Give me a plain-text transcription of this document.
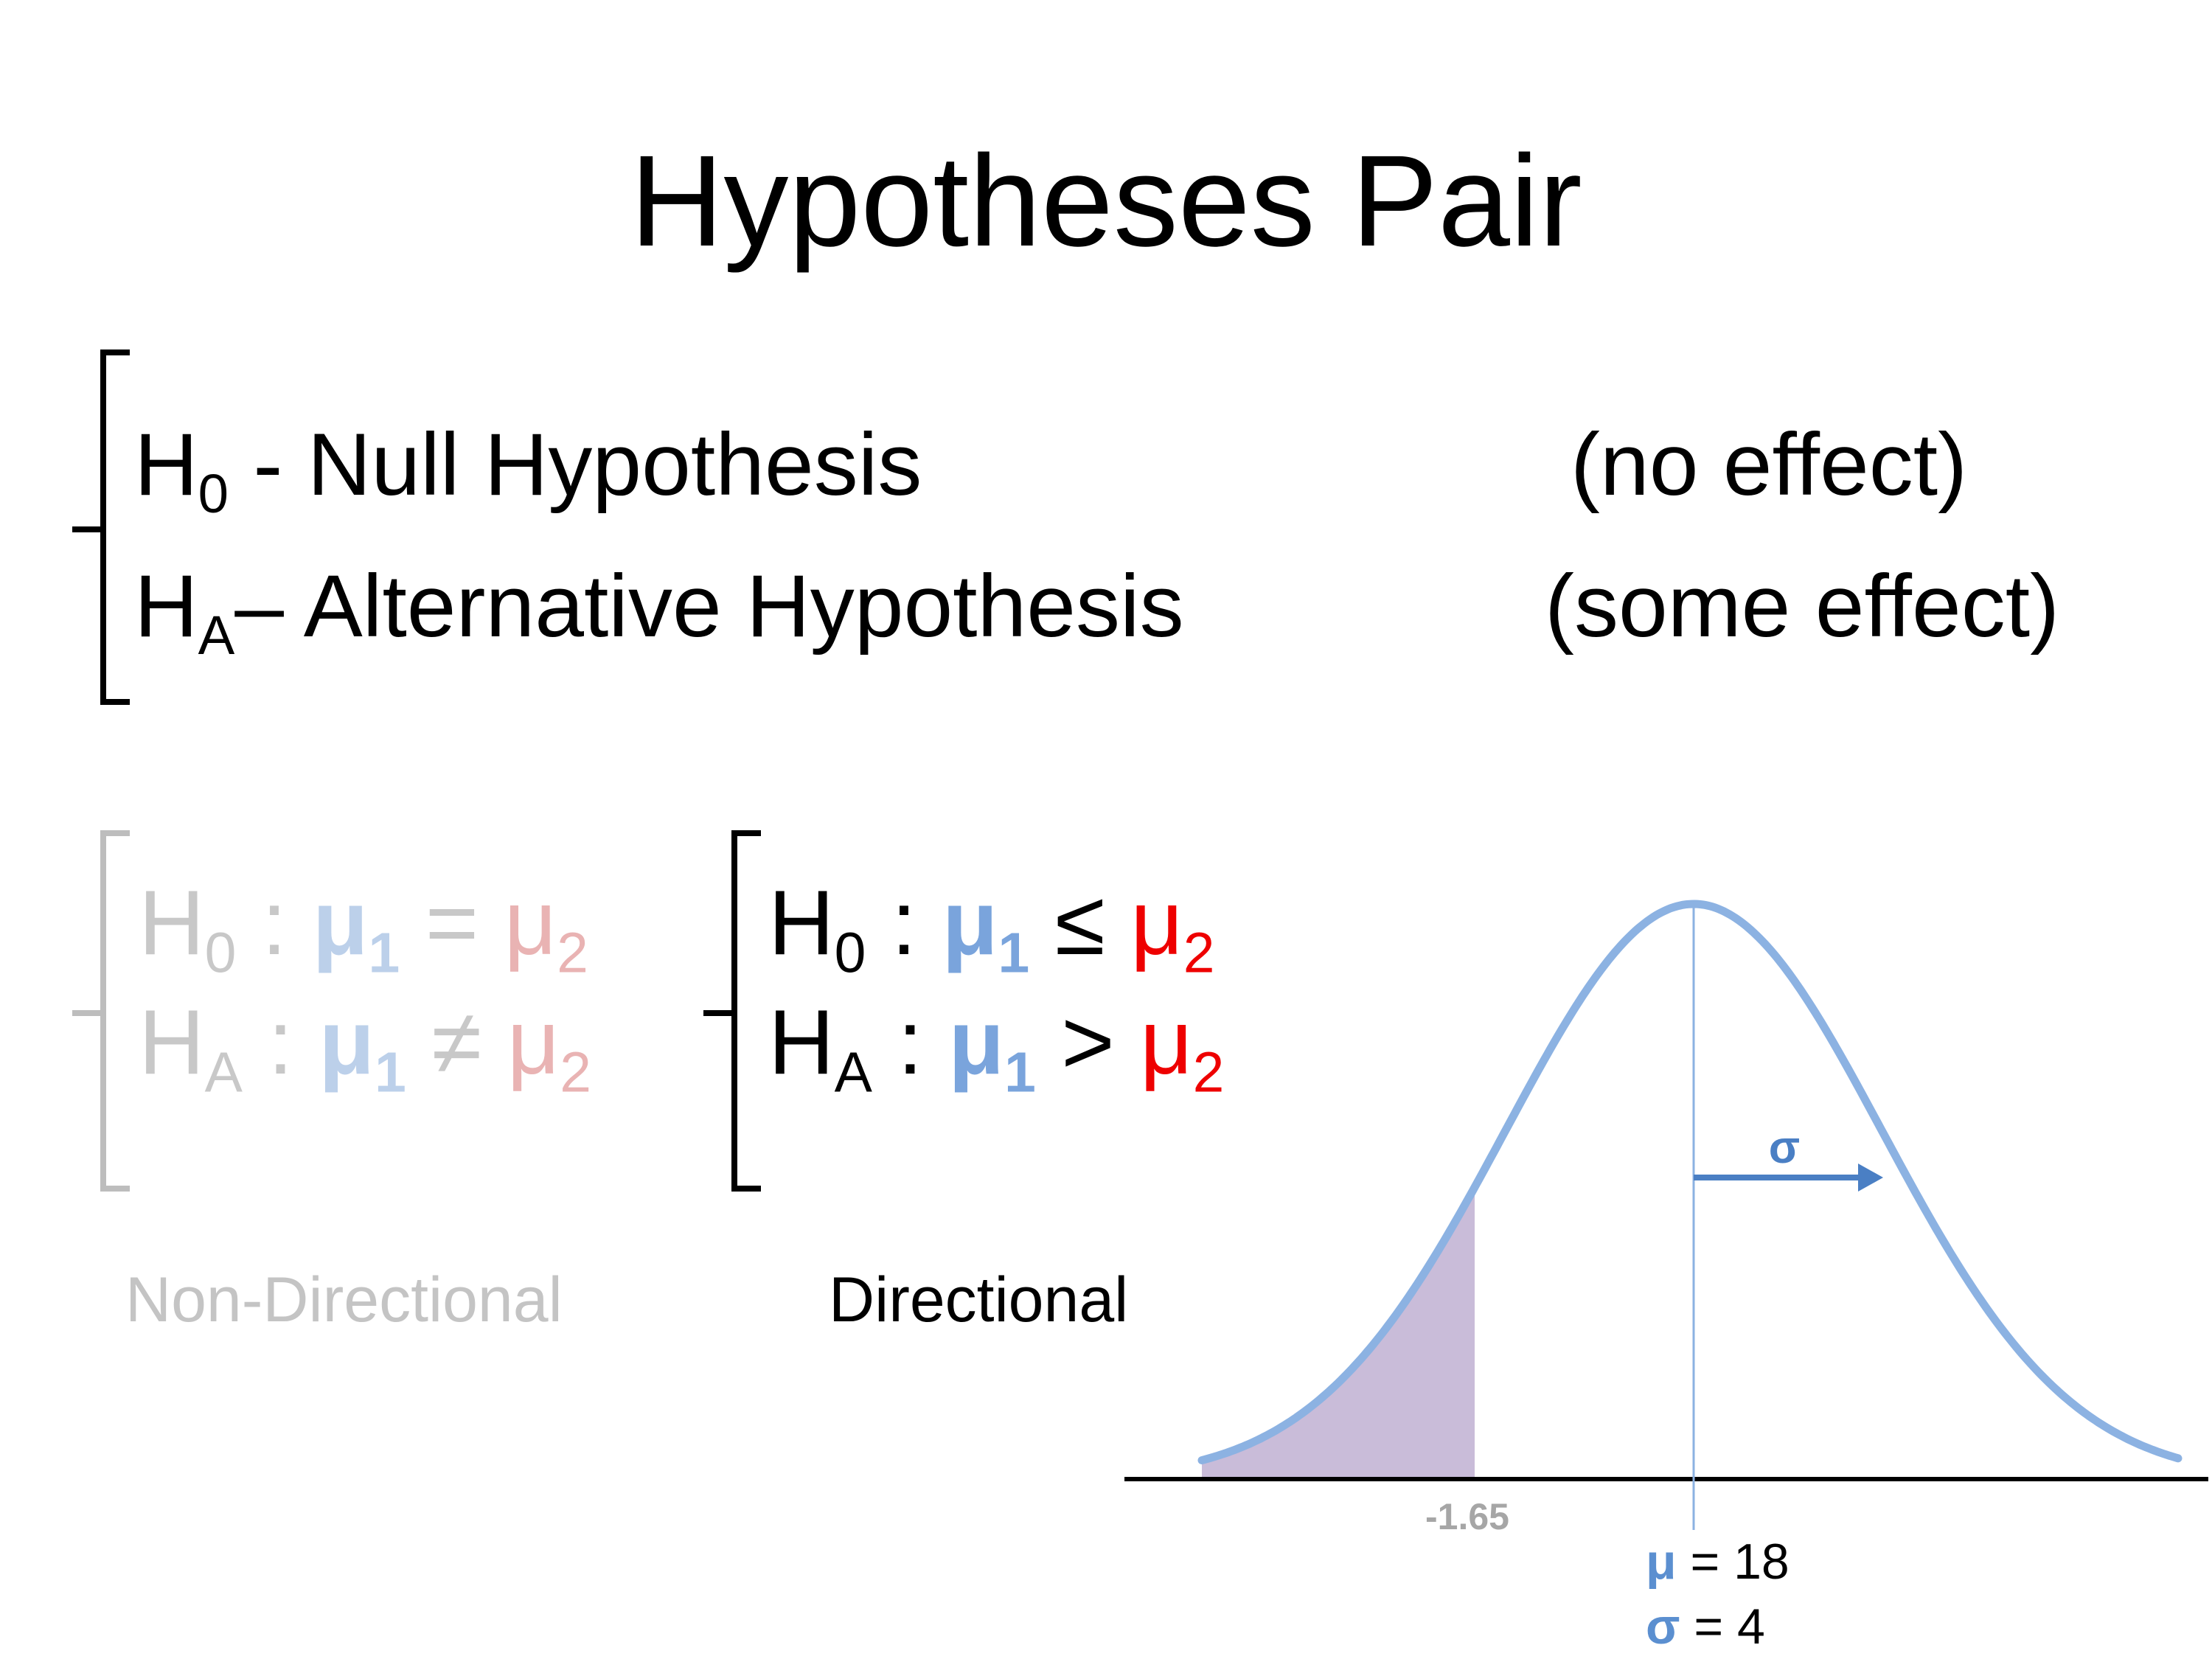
Hypotheses Pair
$H_0$ - Null Hypothesis	(no effect)
$H_A-$ Alternative Hypothesis	(some effect)
$H_0$ : $\mu_1 = \mu_2$
$H_A$ : $\mu_1 \ne \mu_2$
Non-Directional
$H_0$ : $\mu_1 \le \mu_2$
$H_A$ : $\mu_1 > \mu_2$
Directional
σ
-1.65
μ = 18
σ = 4
